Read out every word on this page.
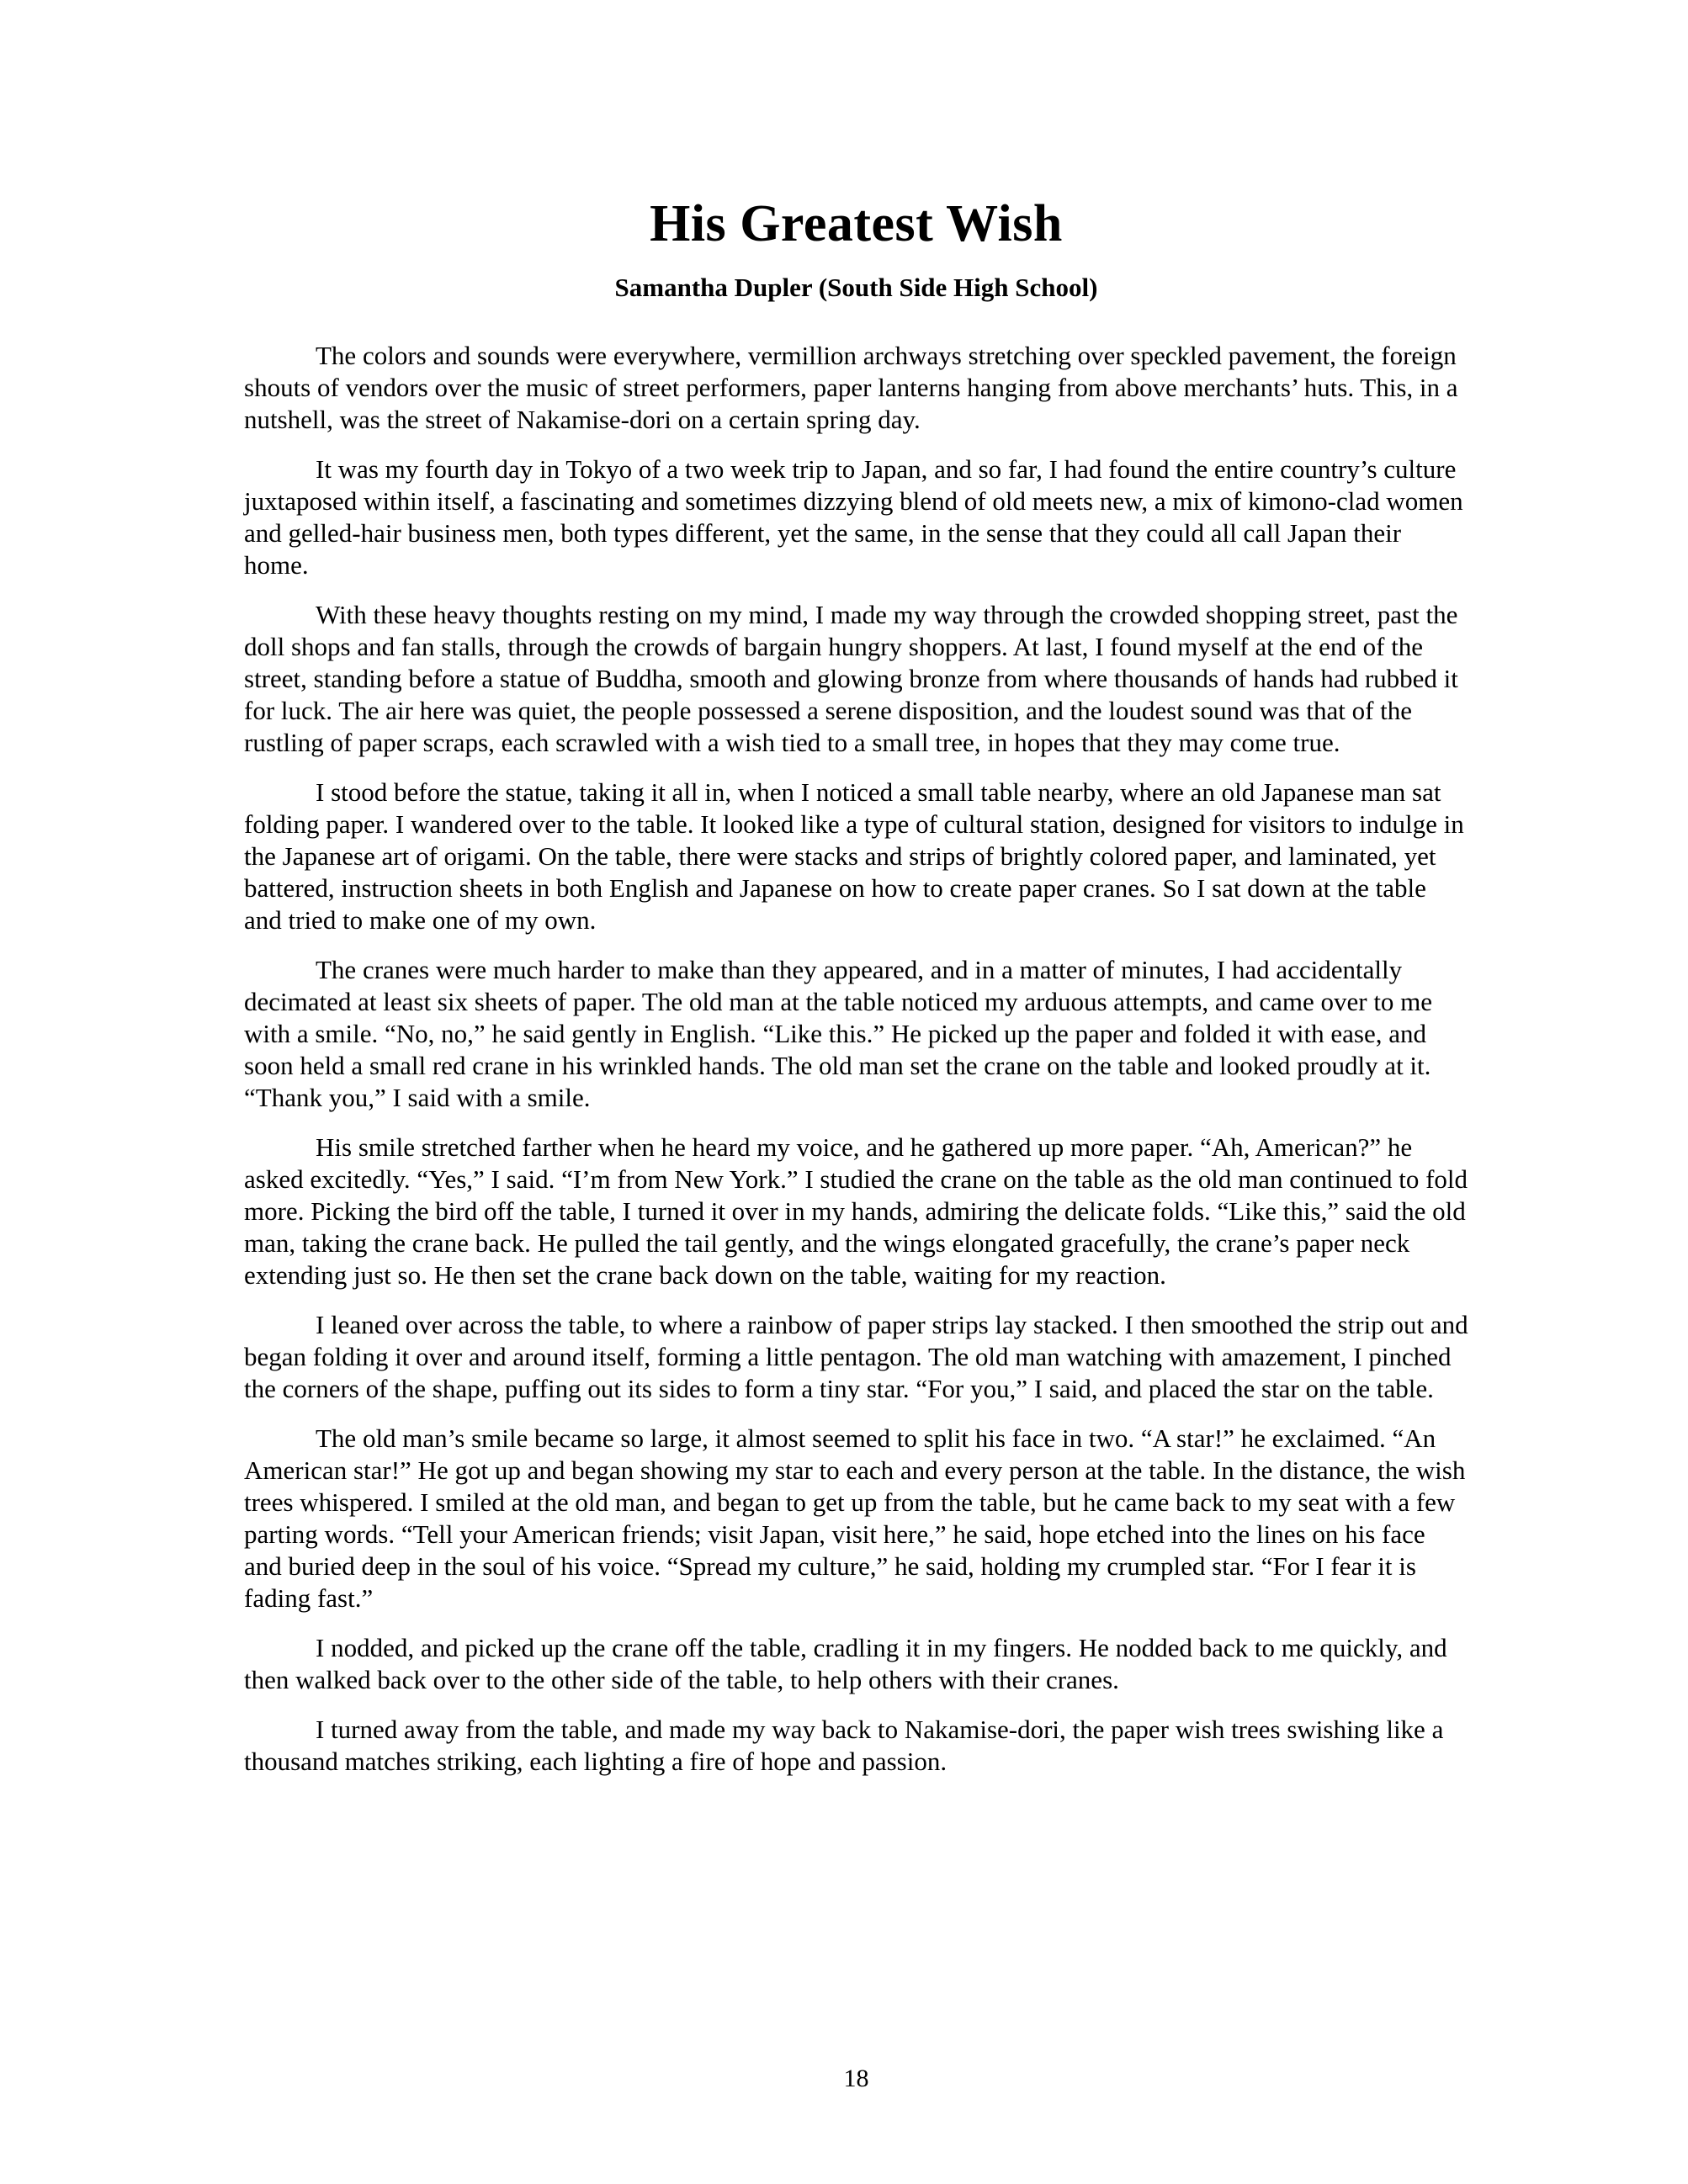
His Greatest Wish
Samantha Dupler (South Side High School)

The colors and sounds were everywhere, vermillion archways stretching over speckled pavement, the foreign shouts of vendors over the music of street performers, paper lanterns hanging from above merchants’ huts. This, in a nutshell, was the street of Nakamise-dori on a certain spring day.

It was my fourth day in Tokyo of a two week trip to Japan, and so far, I had found the entire country’s culture juxtaposed within itself, a fascinating and sometimes dizzying blend of old meets new, a mix of kimono-clad women and gelled-hair business men, both types different, yet the same, in the sense that they could all call Japan their home.

With these heavy thoughts resting on my mind, I made my way through the crowded shopping street, past the doll shops and fan stalls, through the crowds of bargain hungry shoppers. At last, I found myself at the end of the street, standing before a statue of Buddha, smooth and glowing bronze from where thousands of hands had rubbed it for luck. The air here was quiet, the people possessed a serene disposition, and the loudest sound was that of the rustling of paper scraps, each scrawled with a wish tied to a small tree, in hopes that they may come true.

I stood before the statue, taking it all in, when I noticed a small table nearby, where an old Japanese man sat folding paper. I wandered over to the table. It looked like a type of cultural station, designed for visitors to indulge in the Japanese art of origami. On the table, there were stacks and strips of brightly colored paper, and laminated, yet battered, instruction sheets in both English and Japanese on how to create paper cranes. So I sat down at the table and tried to make one of my own.

The cranes were much harder to make than they appeared, and in a matter of minutes, I had accidentally decimated at least six sheets of paper. The old man at the table noticed my arduous attempts, and came over to me with a smile. “No, no,” he said gently in English. “Like this.” He picked up the paper and folded it with ease, and soon held a small red crane in his wrinkled hands. The old man set the crane on the table and looked proudly at it. “Thank you,” I said with a smile.

His smile stretched farther when he heard my voice, and he gathered up more paper. “Ah, American?” he asked excitedly. “Yes,” I said. “I’m from New York.” I studied the crane on the table as the old man continued to fold more. Picking the bird off the table, I turned it over in my hands, admiring the delicate folds. “Like this,” said the old man, taking the crane back. He pulled the tail gently, and the wings elongated gracefully, the crane’s paper neck extending just so. He then set the crane back down on the table, waiting for my reaction.

I leaned over across the table, to where a rainbow of paper strips lay stacked. I then smoothed the strip out and began folding it over and around itself, forming a little pentagon. The old man watching with amazement, I pinched the corners of the shape, puffing out its sides to form a tiny star. “For you,” I said, and placed the star on the table.

The old man’s smile became so large, it almost seemed to split his face in two. “A star!” he exclaimed. “An American star!” He got up and began showing my star to each and every person at the table. In the distance, the wish trees whispered. I smiled at the old man, and began to get up from the table, but he came back to my seat with a few parting words. “Tell your American friends; visit Japan, visit here,” he said, hope etched into the lines on his face and buried deep in the soul of his voice. “Spread my culture,” he said, holding my crumpled star. “For I fear it is fading fast.”

I nodded, and picked up the crane off the table, cradling it in my fingers. He nodded back to me quickly, and then walked back over to the other side of the table, to help others with their cranes.

I turned away from the table, and made my way back to Nakamise-dori, the paper wish trees swishing like a thousand matches striking, each lighting a fire of hope and passion.

18
